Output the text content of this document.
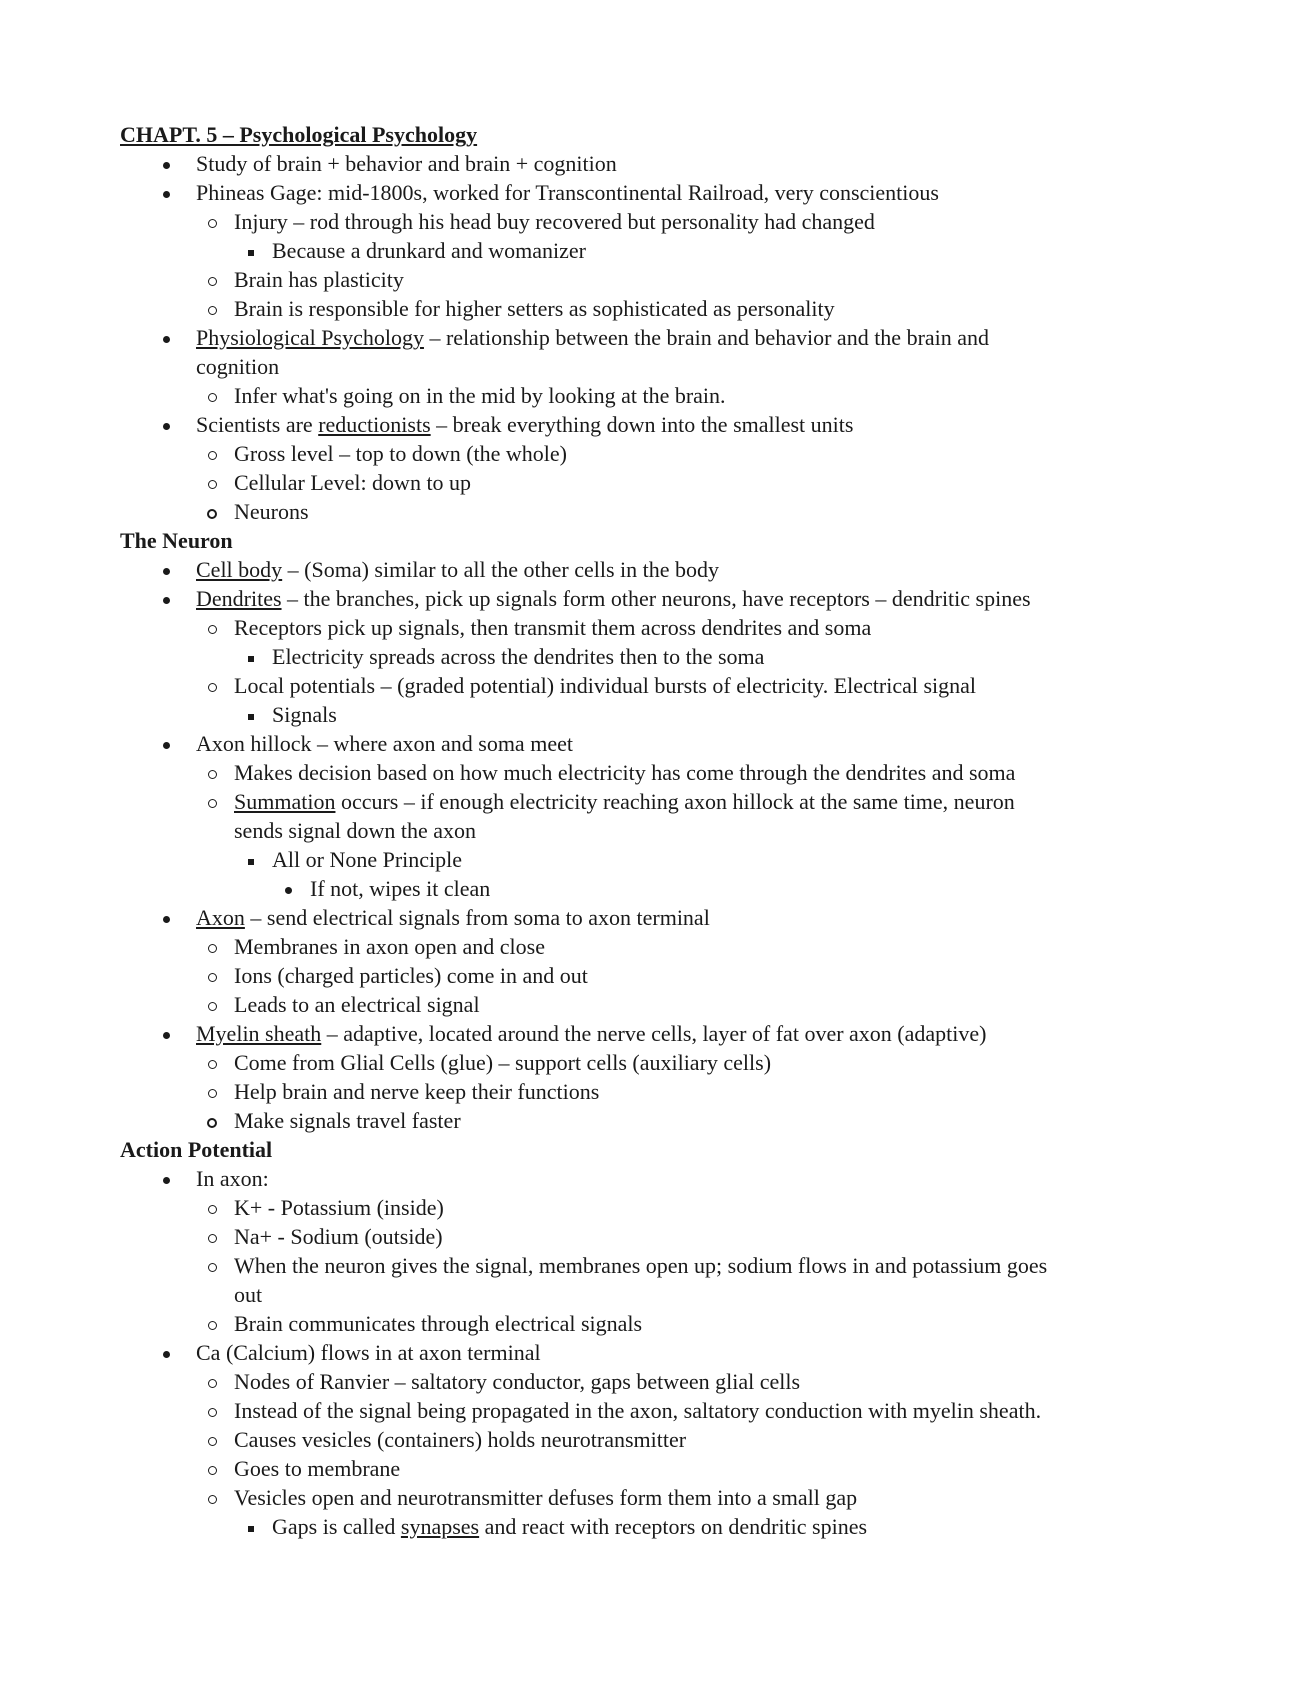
CHAPT. 5 – Psychological Psychology

Study of brain + behavior and brain + cognition

Phineas Gage: mid-1800s, worked for Transcontinental Railroad, very conscientious

Injury – rod through his head buy recovered but personality had changed

Because a drunkard and womanizer

Brain has plasticity

Brain is responsible for higher setters as sophisticated as personality

Physiological Psychology – relationship between the brain and behavior and the brain and

cognition

Infer what's going on in the mid by looking at the brain.

Scientists are reductionists – break everything down into the smallest units

Gross level – top to down (the whole)

Cellular Level: down to up

Neurons

The Neuron

Cell body – (Soma) similar to all the other cells in the body

Dendrites – the branches, pick up signals form other neurons, have receptors – dendritic spines

Receptors pick up signals, then transmit them across dendrites and soma

Electricity spreads across the dendrites then to the soma

Local potentials – (graded potential) individual bursts of electricity. Electrical signal

Signals

Axon hillock – where axon and soma meet

Makes decision based on how much electricity has come through the dendrites and soma

Summation occurs – if enough electricity reaching axon hillock at the same time, neuron

sends signal down the axon

All or None Principle

If not, wipes it clean

Axon – send electrical signals from soma to axon terminal

Membranes in axon open and close

Ions (charged particles) come in and out

Leads to an electrical signal

Myelin sheath – adaptive, located around the nerve cells, layer of fat over axon (adaptive)

Come from Glial Cells (glue) – support cells (auxiliary cells)

Help brain and nerve keep their functions

Make signals travel faster

Action Potential

In axon:

K+ - Potassium (inside)

Na+ - Sodium (outside)

When the neuron gives the signal, membranes open up; sodium flows in and potassium goes

out

Brain communicates through electrical signals

Ca (Calcium) flows in at axon terminal

Nodes of Ranvier – saltatory conductor, gaps between glial cells

Instead of the signal being propagated in the axon, saltatory conduction with myelin sheath.

Causes vesicles (containers) holds neurotransmitter

Goes to membrane

Vesicles open and neurotransmitter defuses form them into a small gap

Gaps is called synapses and react with receptors on dendritic spines
